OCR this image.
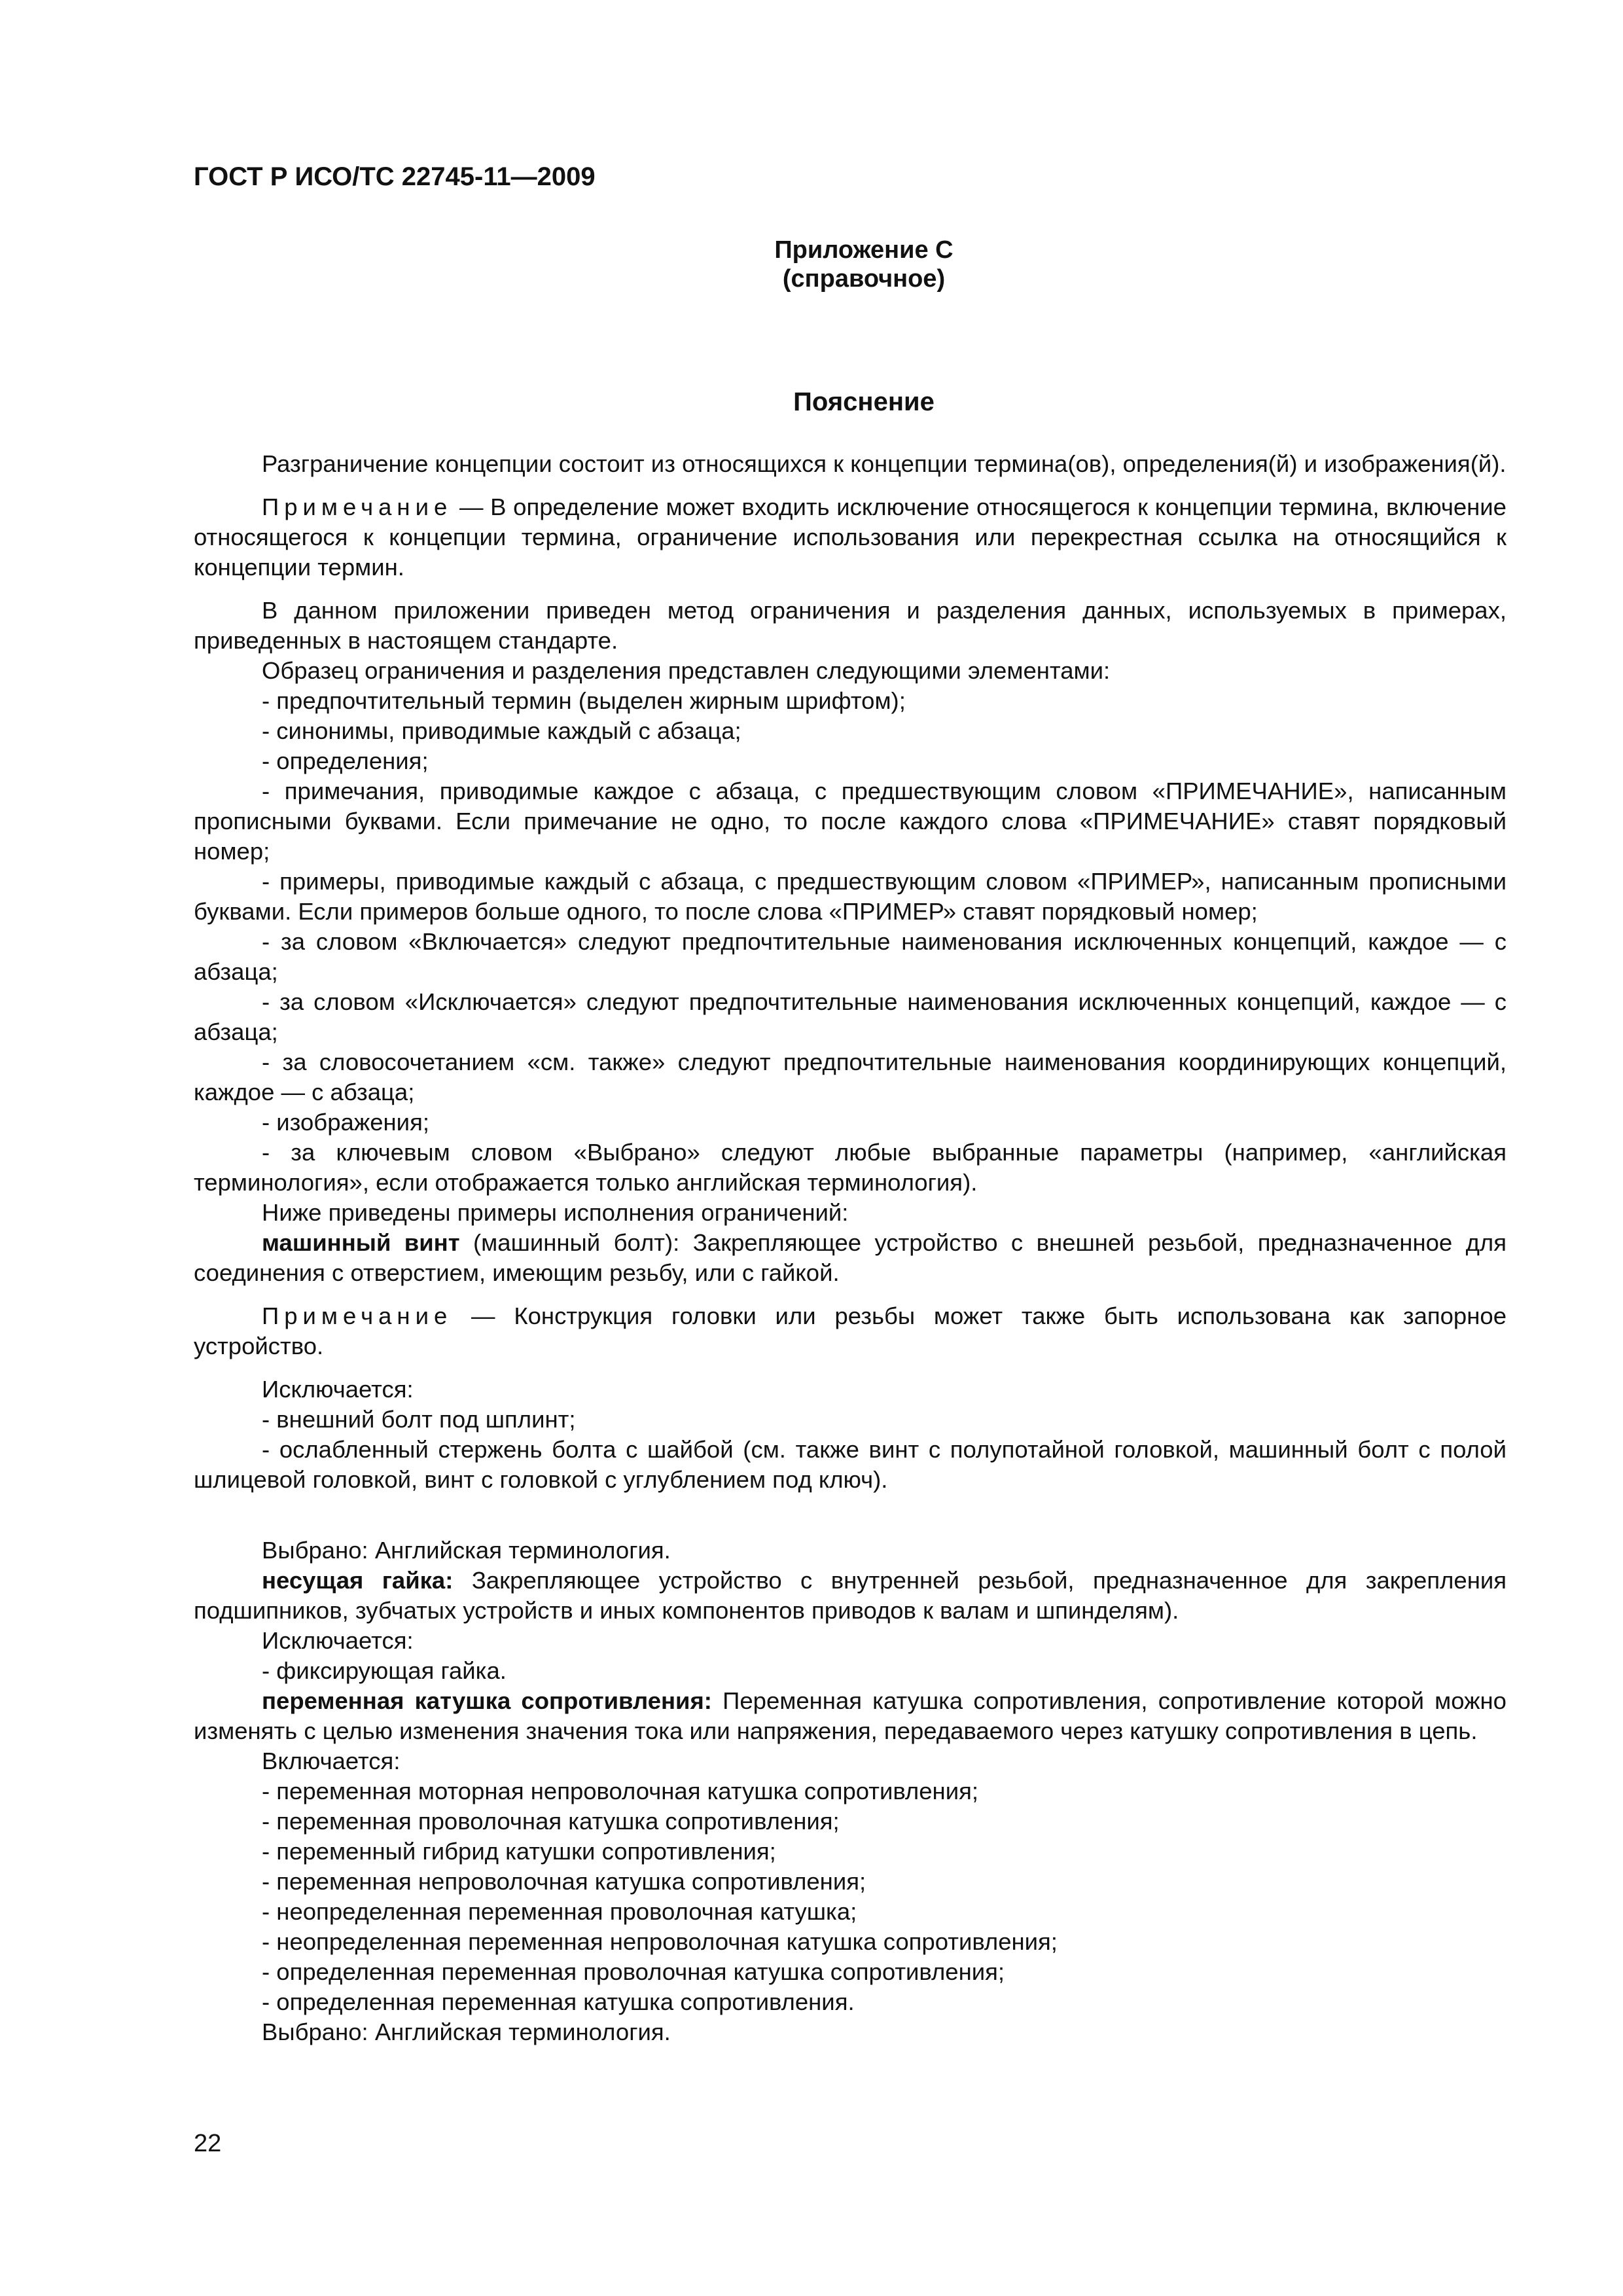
ГОСТ Р ИСО/ТС 22745-11—2009
Приложение С
(справочное)
Пояснение

Разграничение концепции состоит из относящихся к концепции термина(ов), определения(й) и изображения(й).

Примечание — В определение может входить исключение относящегося к концепции термина, включение относящегося к концепции термина, ограничение использования или перекрестная ссылка на относящийся к концепции термин.

В данном приложении приведен метод ограничения и разделения данных, используемых в примерах, приведенных в настоящем стандарте.

Образец ограничения и разделения представлен следующими элементами:

- предпочтительный термин (выделен жирным шрифтом);

- синонимы, приводимые каждый с абзаца;

- определения;

- примечания, приводимые каждое с абзаца, с предшествующим словом «ПРИМЕЧАНИЕ», написанным прописными буквами. Если примечание не одно, то после каждого слова «ПРИМЕЧАНИЕ» ставят порядковый номер;

- примеры, приводимые каждый с абзаца, с предшествующим словом «ПРИМЕР», написанным прописными буквами. Если примеров больше одного, то после слова «ПРИМЕР» ставят порядковый номер;

- за словом «Включается» следуют предпочтительные наименования исключенных концепций, каждое — с абзаца;

- за словом «Исключается» следуют предпочтительные наименования исключенных концепций, каждое — с абзаца;

- за словосочетанием «см. также» следуют предпочтительные наименования координирующих концепций, каждое — с абзаца;

- изображения;

- за ключевым словом «Выбрано» следуют любые выбранные параметры (например, «английская терминология», если отображается только английская терминология).

Ниже приведены примеры исполнения ограничений:

машинный винт (машинный болт): Закрепляющее устройство с внешней резьбой, предназначенное для соединения с отверстием, имеющим резьбу, или с гайкой.

Примечание — Конструкция головки или резьбы может также быть использована как запорное устройство.

Исключается:

- внешний болт под шплинт;

- ослабленный стержень болта с шайбой (см. также винт с полупотайной головкой, машинный болт с полой шлицевой головкой, винт с головкой с углублением под ключ).

Выбрано: Английская терминология.

несущая гайка: Закрепляющее устройство с внутренней резьбой, предназначенное для закрепления подшипников, зубчатых устройств и иных компонентов приводов к валам и шпинделям).

Исключается:

- фиксирующая гайка.

переменная катушка сопротивления: Переменная катушка сопротивления, сопротивление которой можно изменять с целью изменения значения тока или напряжения, передаваемого через катушку сопротивления в цепь.

Включается:

- переменная моторная непроволочная катушка сопротивления;

- переменная проволочная катушка сопротивления;

- переменный гибрид катушки сопротивления;

- переменная непроволочная катушка сопротивления;

- неопределенная переменная проволочная катушка;

- неопределенная переменная непроволочная катушка сопротивления;

- определенная переменная проволочная катушка сопротивления;

- определенная переменная катушка сопротивления.

Выбрано: Английская терминология.

22
